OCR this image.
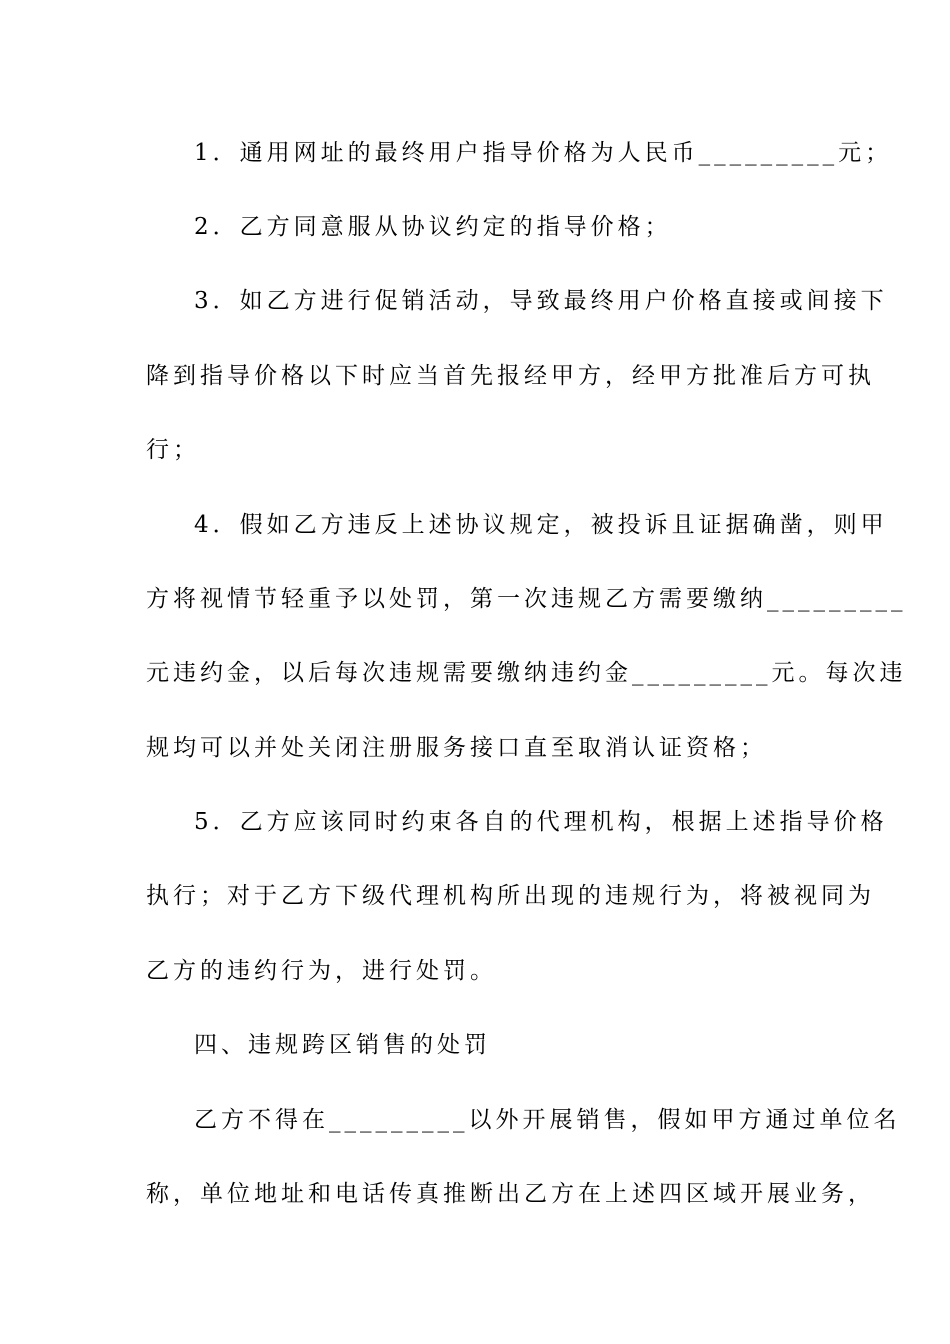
1．通用网址的最终用户指导价格为人民币_________元；

2．乙方同意服从协议约定的指导价格；

3．如乙方进行促销活动，导致最终用户价格直接或间接下

降到指导价格以下时应当首先报经甲方，经甲方批准后方可执

行；

4．假如乙方违反上述协议规定，被投诉且证据确凿，则甲

方将视情节轻重予以处罚，第一次违规乙方需要缴纳_________

元违约金，以后每次违规需要缴纳违约金_________元。每次违

规均可以并处关闭注册服务接口直至取消认证资格；

5．乙方应该同时约束各自的代理机构，根据上述指导价格

执行；对于乙方下级代理机构所出现的违规行为，将被视同为

乙方的违约行为，进行处罚。

四、违规跨区销售的处罚

乙方不得在_________以外开展销售，假如甲方通过单位名

称，单位地址和电话传真推断出乙方在上述四区域开展业务，
